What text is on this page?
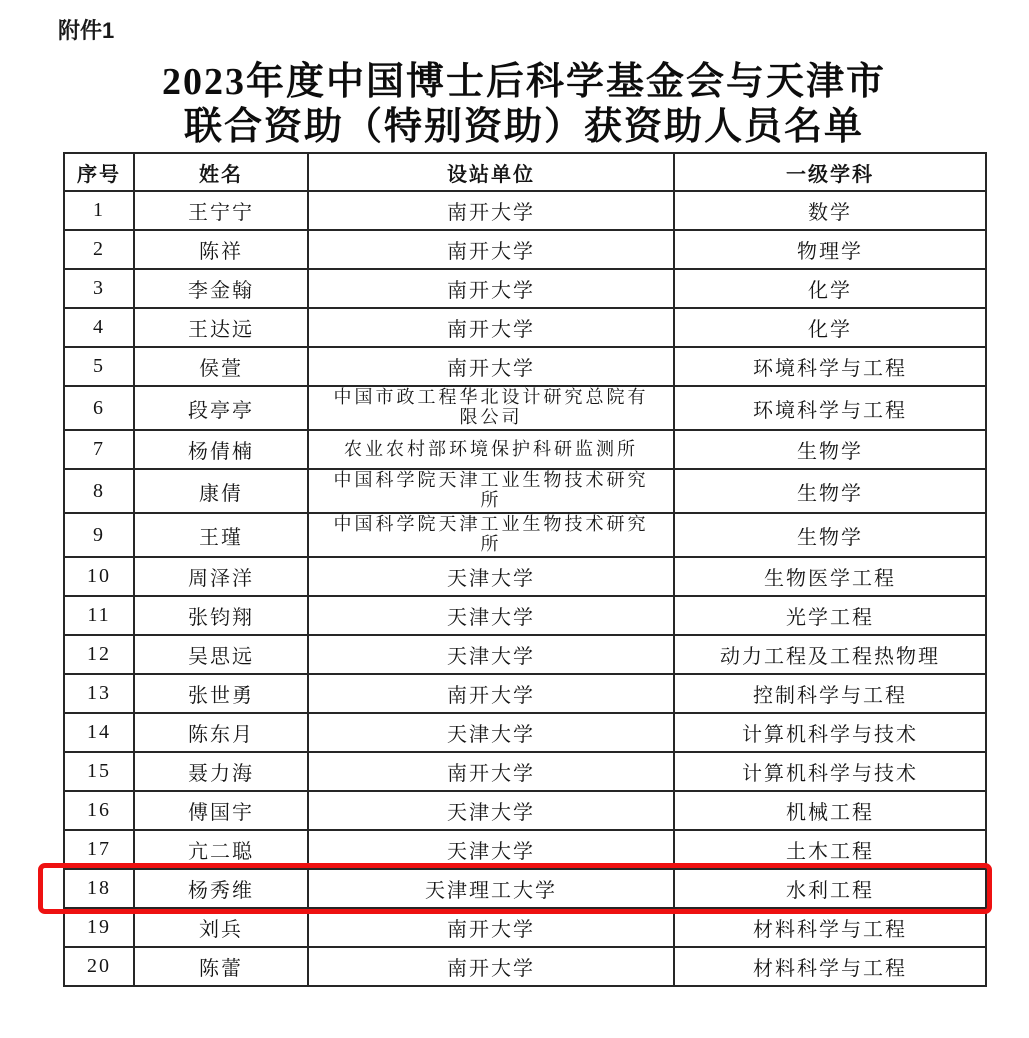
附件1
2023年度中国博士后科学基金会与天津市
联合资助（特别资助）获资助人员名单
序号	姓名	设站单位	一级学科
1	王宁宁	南开大学	数学
2	陈祥	南开大学	物理学
3	李金翰	南开大学	化学
4	王达远	南开大学	化学
5	侯萱	南开大学	环境科学与工程
6	段亭亭	中国市政工程华北设计研究总院有限公司	环境科学与工程
7	杨倩楠	农业农村部环境保护科研监测所	生物学
8	康倩	中国科学院天津工业生物技术研究所	生物学
9	王瑾	中国科学院天津工业生物技术研究所	生物学
10	周泽洋	天津大学	生物医学工程
11	张钧翔	天津大学	光学工程
12	吴思远	天津大学	动力工程及工程热物理
13	张世勇	南开大学	控制科学与工程
14	陈东月	天津大学	计算机科学与技术
15	聂力海	南开大学	计算机科学与技术
16	傅国宇	天津大学	机械工程
17	亢二聪	天津大学	土木工程
18	杨秀维	天津理工大学	水利工程
19	刘兵	南开大学	材料科学与工程
20	陈蕾	南开大学	材料科学与工程
